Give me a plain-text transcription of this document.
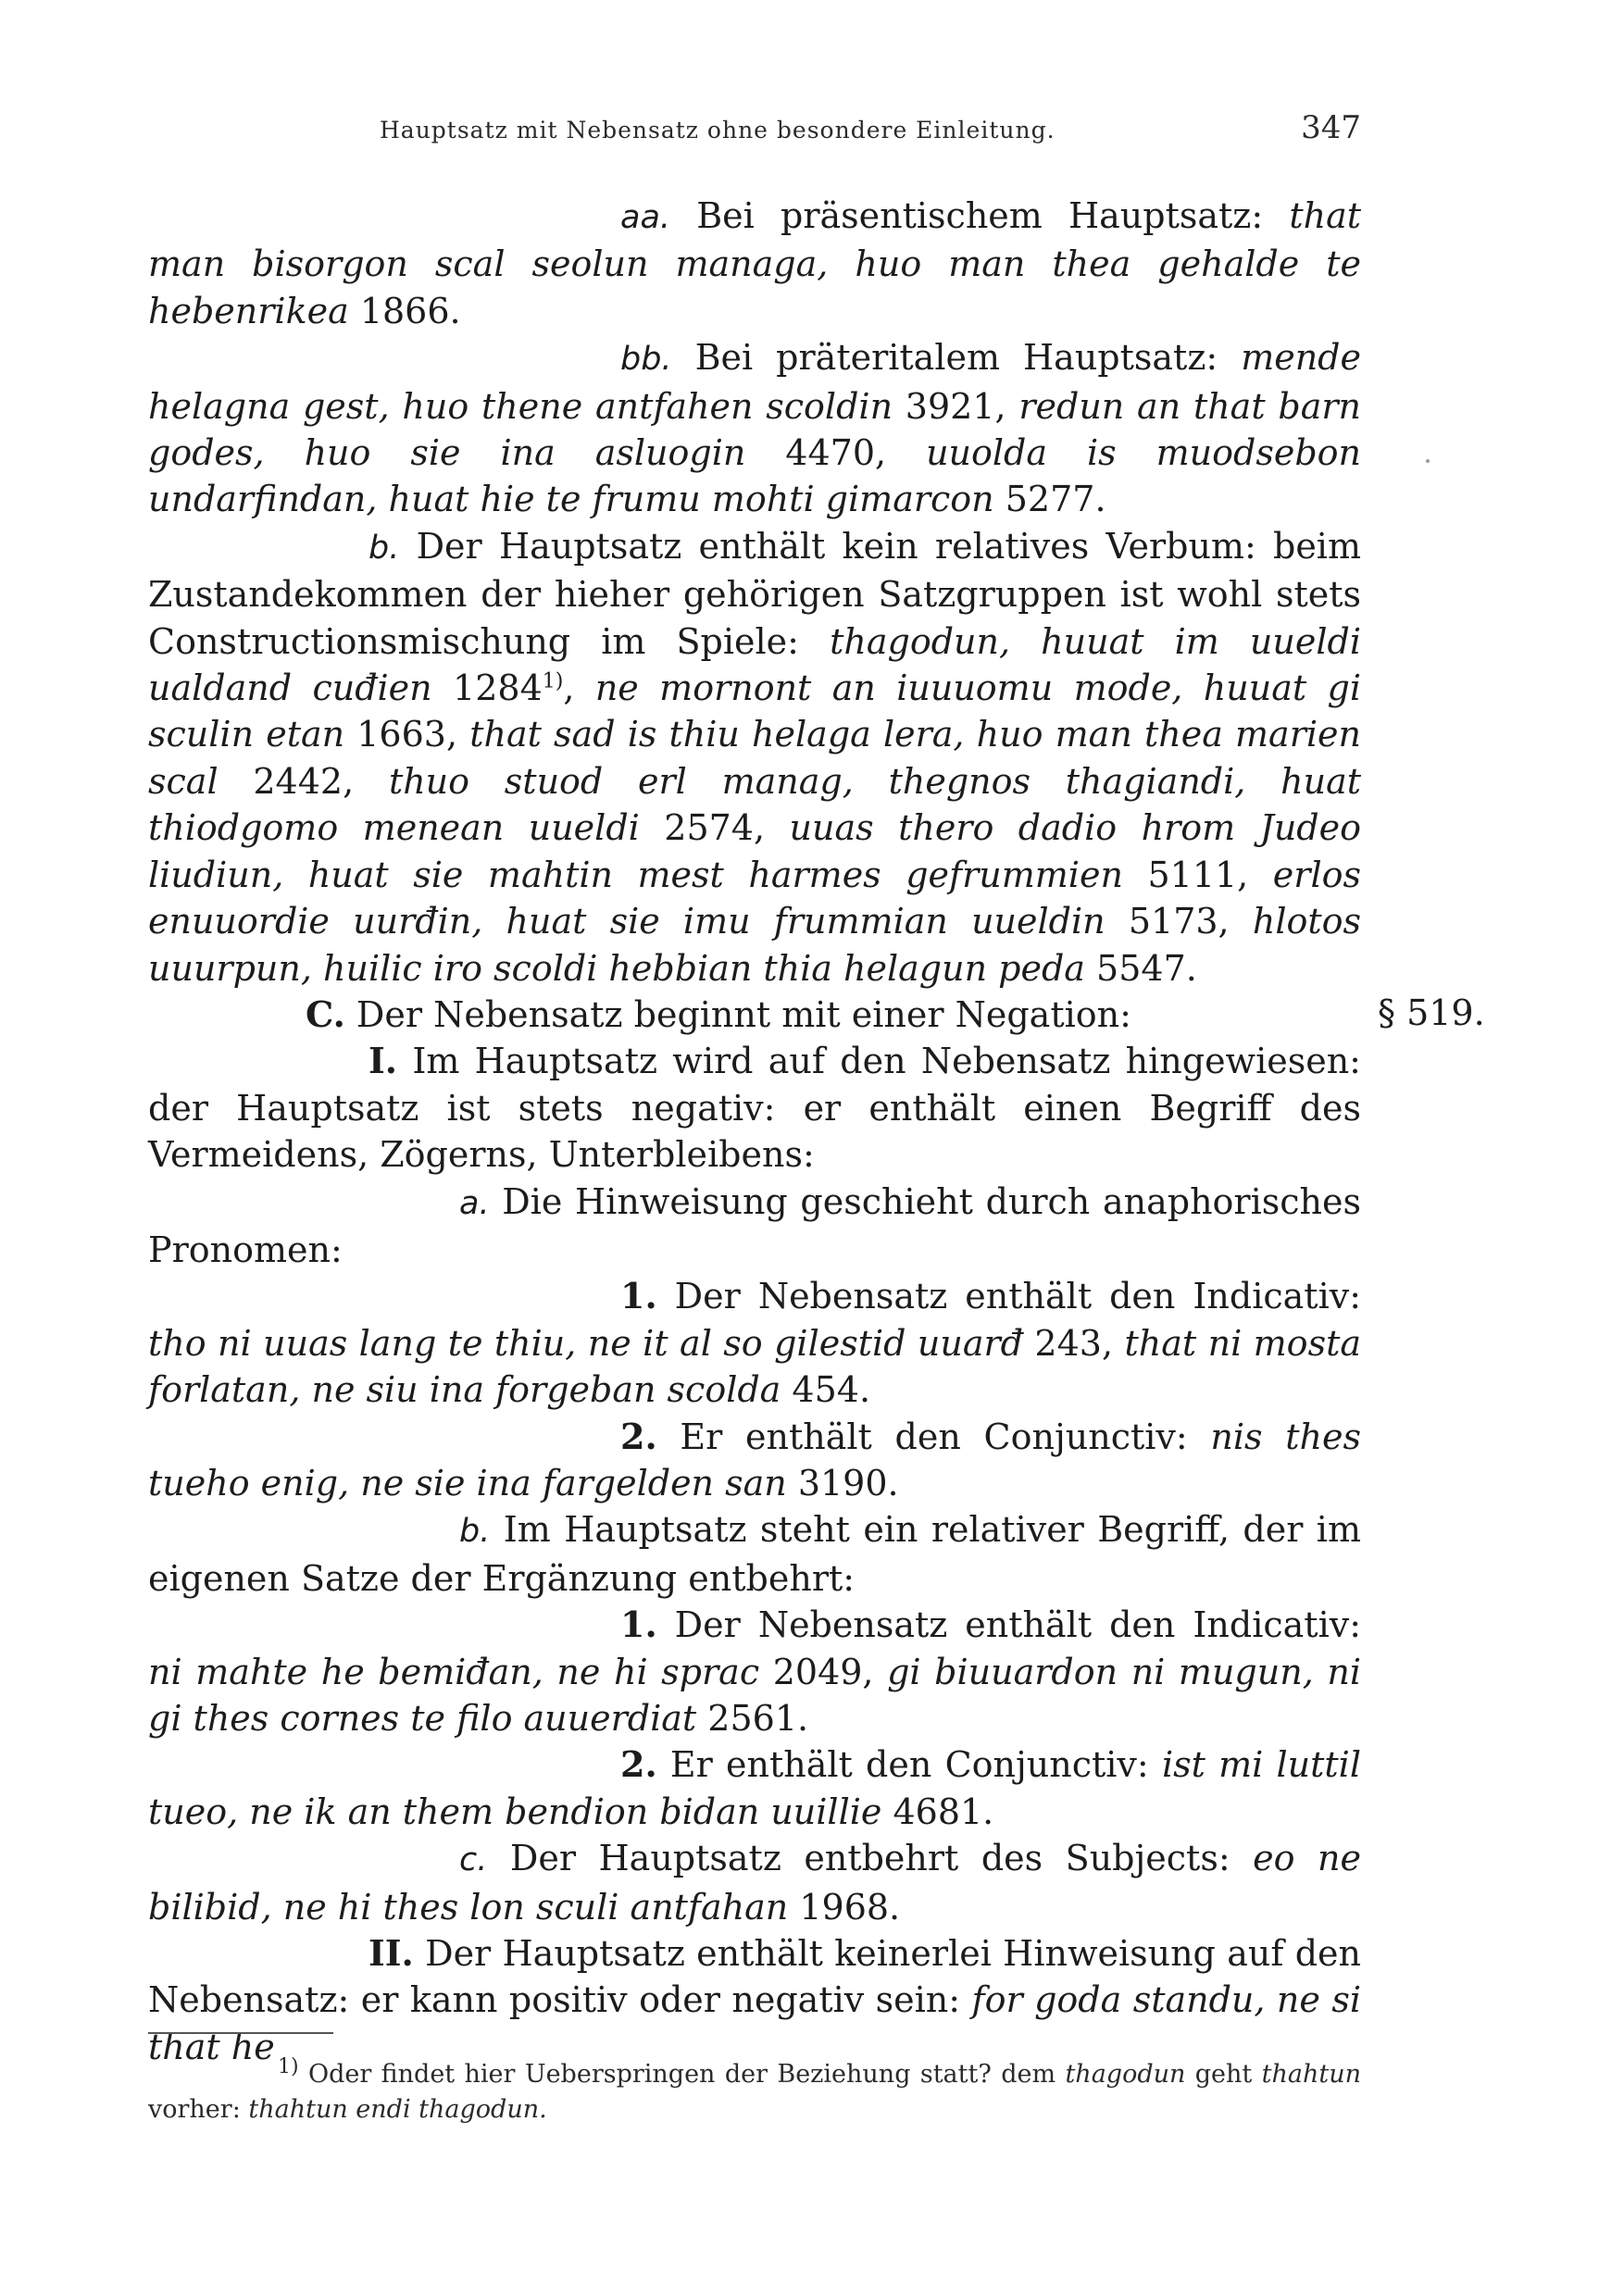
Hauptsatz mit Nebensatz ohne besondere Einleitung.	347

aa. Bei präsentischem Hauptsatz: that man bisorgon scal seolun managa, huo man thea gehalde te hebenrikea 1866.

bb. Bei präteritalem Hauptsatz: mende helagna gest, huo thene antfahen scoldin 3921, redun an that barn godes, huo sie ina asluogin 4470, uuolda is muodsebon undarfindan, huat hie te frumu mohti gimarcon 5277.

b. Der Hauptsatz enthält kein relatives Verbum: beim Zustandekommen der hieher gehörigen Satzgruppen ist wohl stets Constructionsmischung im Spiele: thagodun, huuat im uueldi ualdand cuđien 1284$^{1)}$, ne mornont an iuuuomu mode, huuat gi sculin etan 1663, that sad is thiu helaga lera, huo man thea marien scal 2442, thuo stuod erl manag, thegnos thagiandi, huat thiodgomo menean uueldi 2574, uuas thero dadio hrom Judeo liudiun, huat sie mahtin mest harmes gefrummien 5111, erlos enuuordie uurđin, huat sie imu frummian uueldin 5173, hlotos uuurpun, huilic iro scoldi hebbian thia helagun peda 5547.

C. Der Nebensatz beginnt mit einer Negation:

I. Im Hauptsatz wird auf den Nebensatz hingewiesen: der Hauptsatz ist stets negativ: er enthält einen Begriff des Vermeidens, Zögerns, Unterbleibens:

a. Die Hinweisung geschieht durch anaphorisches Pronomen:

1. Der Nebensatz enthält den Indicativ: tho ni uuas lang te thiu, ne it al so gilestid uuarđ 243, that ni mosta forlatan, ne siu ina forgeban scolda 454.

2. Er enthält den Conjunctiv: nis thes tueho enig, ne sie ina fargelden san 3190.

b. Im Hauptsatz steht ein relativer Begriff, der im eigenen Satze der Ergänzung entbehrt:

1. Der Nebensatz enthält den Indicativ: ni mahte he bemiđan, ne hi sprac 2049, gi biuuardon ni mugun, ni gi thes cornes te filo auuerdiat 2561.

2. Er enthält den Conjunctiv: ist mi luttil tueo, ne ik an them bendion bidan uuillie 4681.

c. Der Hauptsatz entbehrt des Subjects: eo ne bilibid, ne hi thes lon sculi antfahan 1968.

II. Der Hauptsatz enthält keinerlei Hinweisung auf den Nebensatz: er kann positiv oder negativ sein: for goda standu, ne si that he

§ 519.

$^{1)}$ Oder findet hier Ueberspringen der Beziehung statt? dem thagodun geht thahtun vorher: thahtun endi thagodun.
